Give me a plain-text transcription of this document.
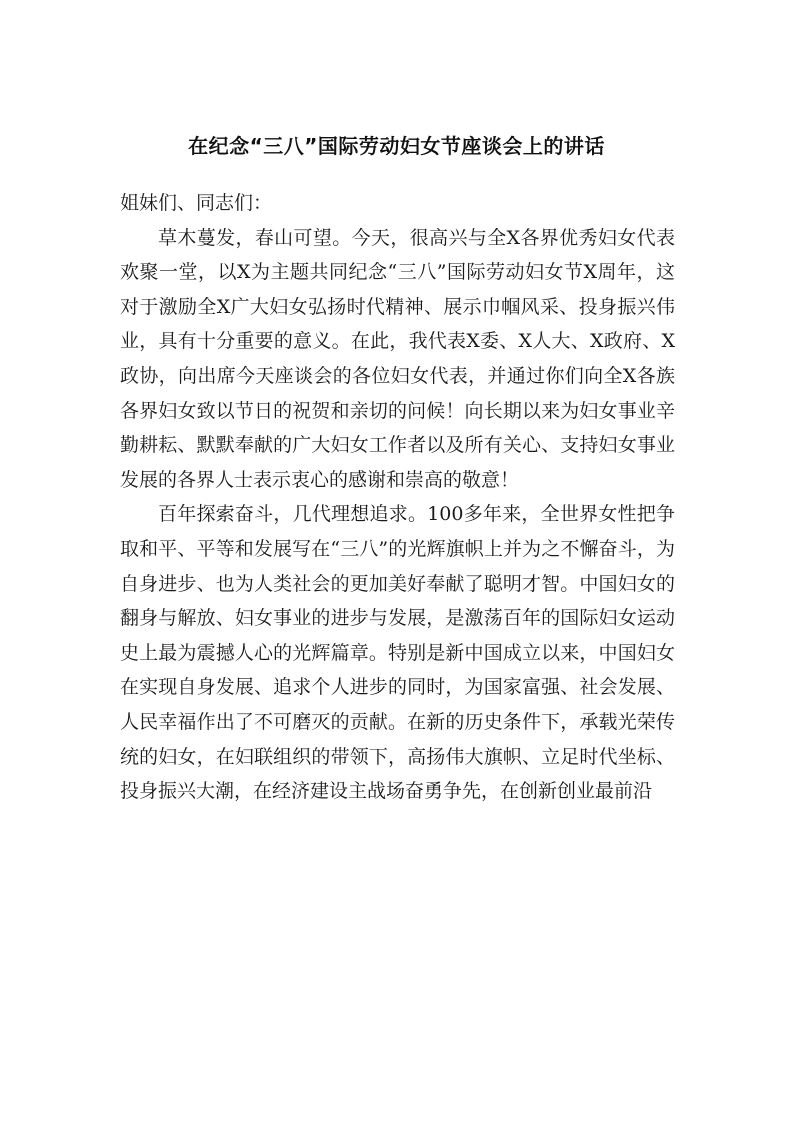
在纪念“三八”国际劳动妇女节座谈会上的讲话

姐妹们、同志们：

草木蔓发，春山可望。今天，很高兴与全X各界优秀妇女代表欢聚一堂，以X为主题共同纪念“三八”国际劳动妇女节X周年，这对于激励全X广大妇女弘扬时代精神、展示巾帼风采、投身振兴伟业，具有十分重要的意义。在此，我代表X委、X人大、X政府、X政协，向出席今天座谈会的各位妇女代表，并通过你们向全X各族各界妇女致以节日的祝贺和亲切的问候！向长期以来为妇女事业辛勤耕耘、默默奉献的广大妇女工作者以及所有关心、支持妇女事业发展的各界人士表示衷心的感谢和崇高的敬意！

百年探索奋斗，几代理想追求。100多年来，全世界女性把争取和平、平等和发展写在“三八”的光辉旗帜上并为之不懈奋斗，为自身进步、也为人类社会的更加美好奉献了聪明才智。中国妇女的翻身与解放、妇女事业的进步与发展，是激荡百年的国际妇女运动史上最为震撼人心的光辉篇章。特别是新中国成立以来，中国妇女在实现自身发展、追求个人进步的同时，为国家富强、社会发展、人民幸福作出了不可磨灭的贡献。在新的历史条件下，承载光荣传统的妇女，在妇联组织的带领下，高扬伟大旗帜、立足时代坐标、投身振兴大潮，在经济建设主战场奋勇争先，在创新创业最前沿
